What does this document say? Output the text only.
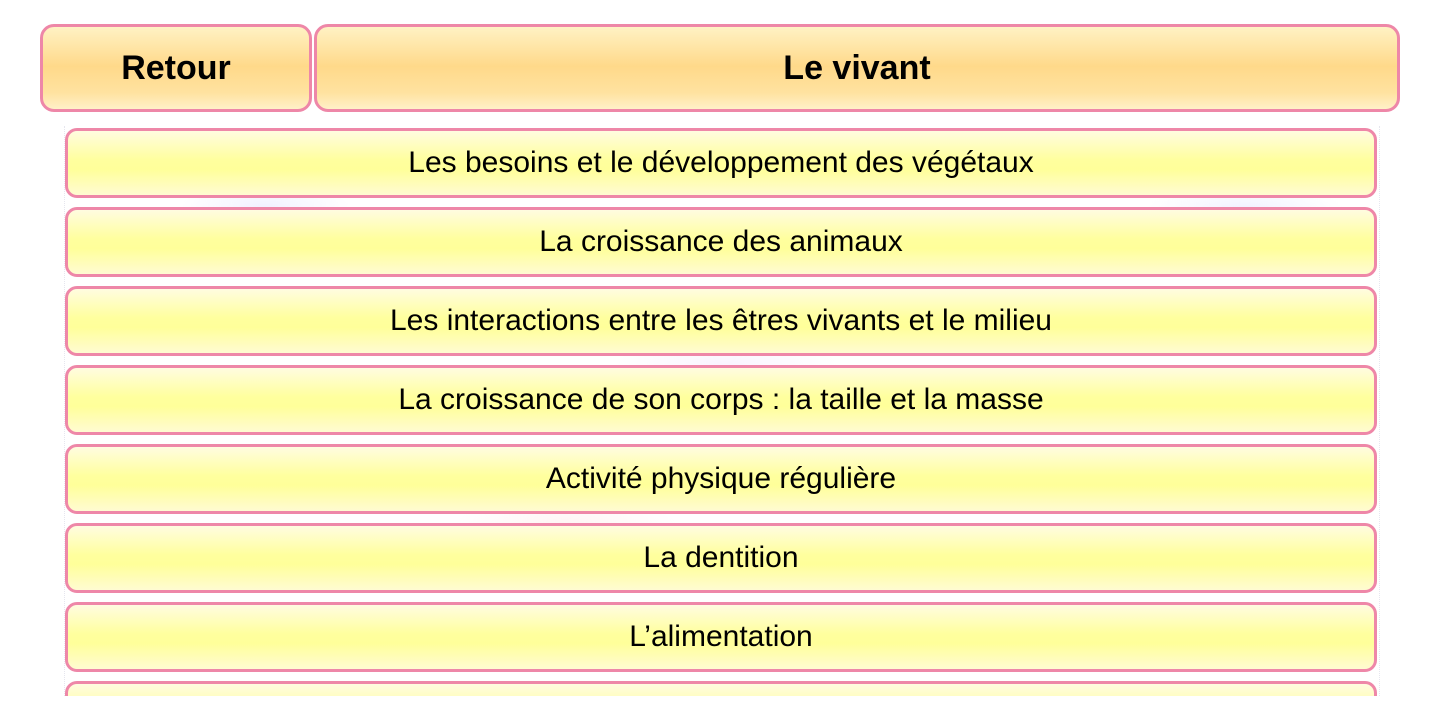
Retour	Le vivant
Les besoins et le développement des végétaux
La croissance des animaux
Les interactions entre les êtres vivants et le milieu
La croissance de son corps : la taille et la masse
Activité physique régulière
La dentition
L’alimentation
